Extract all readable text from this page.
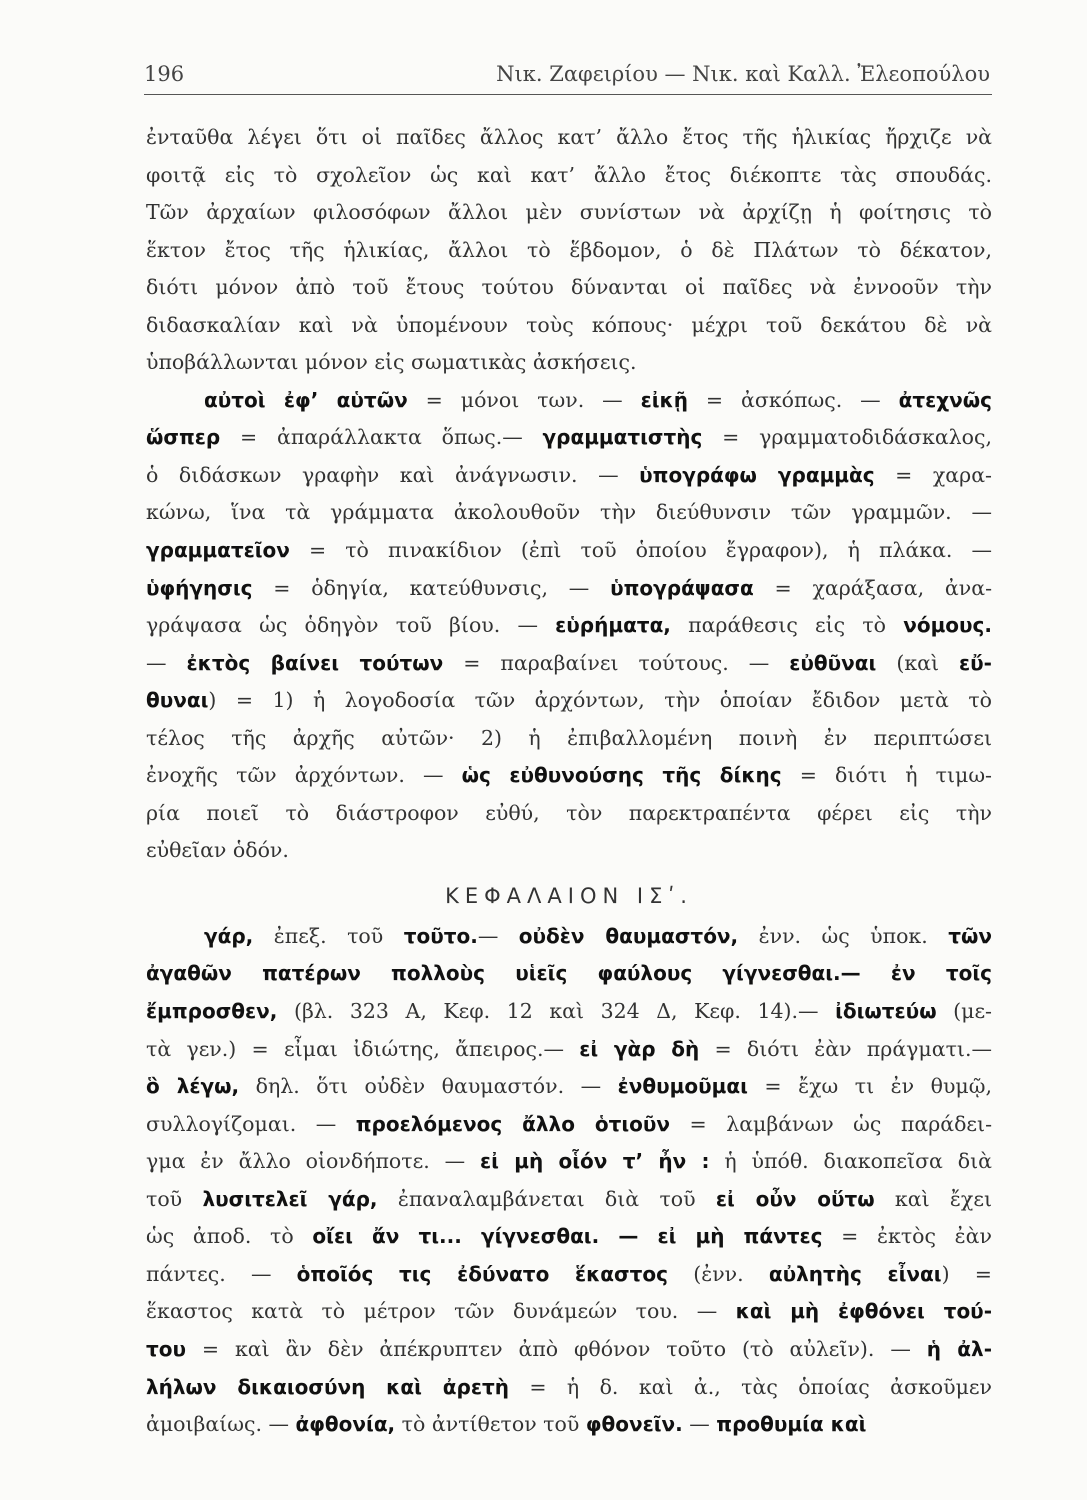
196	Νικ. Ζαφειρίου — Νικ. καὶ Καλλ. Ἐλεοπούλου
ἐνταῦθα λέγει ὅτι οἱ παῖδες ἄλλος κατ’ ἄλλο ἔτος τῆς ἡλικίας ἤρχιζε νὰ
φοιτᾷ εἰς τὸ σχολεῖον ὡς καὶ κατ’ ἄλλο ἔτος διέκοπτε τὰς σπουδάς.
Τῶν ἀρχαίων φιλοσόφων ἄλλοι μὲν συνίστων νὰ ἀρχίζῃ ἡ φοίτησις τὸ
ἕκτον ἔτος τῆς ἡλικίας, ἄλλοι τὸ ἕβδομον, ὁ δὲ Πλάτων τὸ δέκατον,
διότι μόνον ἀπὸ τοῦ ἔτους τούτου δύνανται οἱ παῖδες νὰ ἐννοοῦν τὴν
διδασκαλίαν καὶ νὰ ὑπομένουν τοὺς κόπους· μέχρι τοῦ δεκάτου δὲ νὰ
ὑποβάλλωνται μόνον εἰς σωματικὰς ἀσκήσεις.
αὐτοὶ ἐφ’ αὑτῶν = μόνοι των. — εἰκῇ = ἀσκόπως. — ἀτεχνῶς
ὥσπερ = ἀπαράλλακτα ὅπως.— γραμματιστὴς = γραμματοδιδάσκαλος,
ὁ διδάσκων γραφὴν καὶ ἀνάγνωσιν. — ὑπογράφω γραμμὰς = χαρα-
κώνω, ἵνα τὰ γράμματα ἀκολουθοῦν τὴν διεύθυνσιν τῶν γραμμῶν. —
γραμματεῖον = τὸ πινακίδιον (ἐπὶ τοῦ ὁποίου ἔγραφον), ἡ πλάκα. —
ὑφήγησις = ὁδηγία, κατεύθυνσις, — ὑπογράψασα = χαράξασα, ἀνα-
γράψασα ὡς ὁδηγὸν τοῦ βίου. — εὑρήματα, παράθεσις εἰς τὸ νόμους.
— ἐκτὸς βαίνει τούτων = παραβαίνει τούτους. — εὐθῦναι (καὶ εὔ-
θυναι) = 1) ἡ λογοδοσία τῶν ἀρχόντων, τὴν ὁποίαν ἔδιδον μετὰ τὸ
τέλος τῆς ἀρχῆς αὐτῶν· 2) ἡ ἐπιβαλλομένη ποινὴ ἐν περιπτώσει
ἐνοχῆς τῶν ἀρχόντων. — ὡς εὐθυνούσης τῆς δίκης = διότι ἡ τιμω-
ρία ποιεῖ τὸ διάστροφον εὐθύ, τὸν παρεκτραπέντα φέρει εἰς τὴν
εὐθεῖαν ὁδόν.
ΚΕΦΑΛΑΙΟΝ ΙΣʹ.
γάρ, ἐπεξ. τοῦ τοῦτο.— οὐδὲν θαυμαστόν, ἐνν. ὡς ὑποκ. τῶν
ἀγαθῶν πατέρων πολλοὺς υἱεῖς φαύλους γίγνεσθαι.— ἐν τοῖς
ἔμπροσθεν, (βλ. 323 Α, Κεφ. 12 καὶ 324 Δ, Κεφ. 14).— ἰδιωτεύω (με-
τὰ γεν.) = εἶμαι ἰδιώτης, ἄπειρος.— εἰ γὰρ δὴ = διότι ἐὰν πράγματι.—
ὃ λέγω, δηλ. ὅτι οὐδὲν θαυμαστόν. — ἐνθυμοῦμαι = ἔχω τι ἐν θυμῷ,
συλλογίζομαι. — προελόμενος ἄλλο ὁτιοῦν = λαμβάνων ὡς παράδει-
γμα ἐν ἄλλο οἱονδήποτε. — εἰ μὴ οἷόν τ’ ἦν : ἡ ὑπόθ. διακοπεῖσα διὰ
τοῦ λυσιτελεῖ γάρ, ἐπαναλαμβάνεται διὰ τοῦ εἰ οὖν οὕτω καὶ ἔχει
ὡς ἀποδ. τὸ οἴει ἄν τι... γίγνεσθαι. — εἰ μὴ πάντες = ἐκτὸς ἐὰν
πάντες. — ὁποῖός τις ἐδύνατο ἕκαστος (ἐνν. αὐλητὴς εἶναι) =
ἕκαστος κατὰ τὸ μέτρον τῶν δυνάμεών του. — καὶ μὴ ἐφθόνει τού-
του = καὶ ἂν δὲν ἀπέκρυπτεν ἀπὸ φθόνον τοῦτο (τὸ αὐλεῖν). — ἡ ἀλ-
λήλων δικαιοσύνη καὶ ἀρετὴ = ἡ δ. καὶ ἀ., τὰς ὁποίας ἀσκοῦμεν
ἀμοιβαίως. — ἀφθονία, τὸ ἀντίθετον τοῦ φθονεῖν. — προθυμία καὶ
